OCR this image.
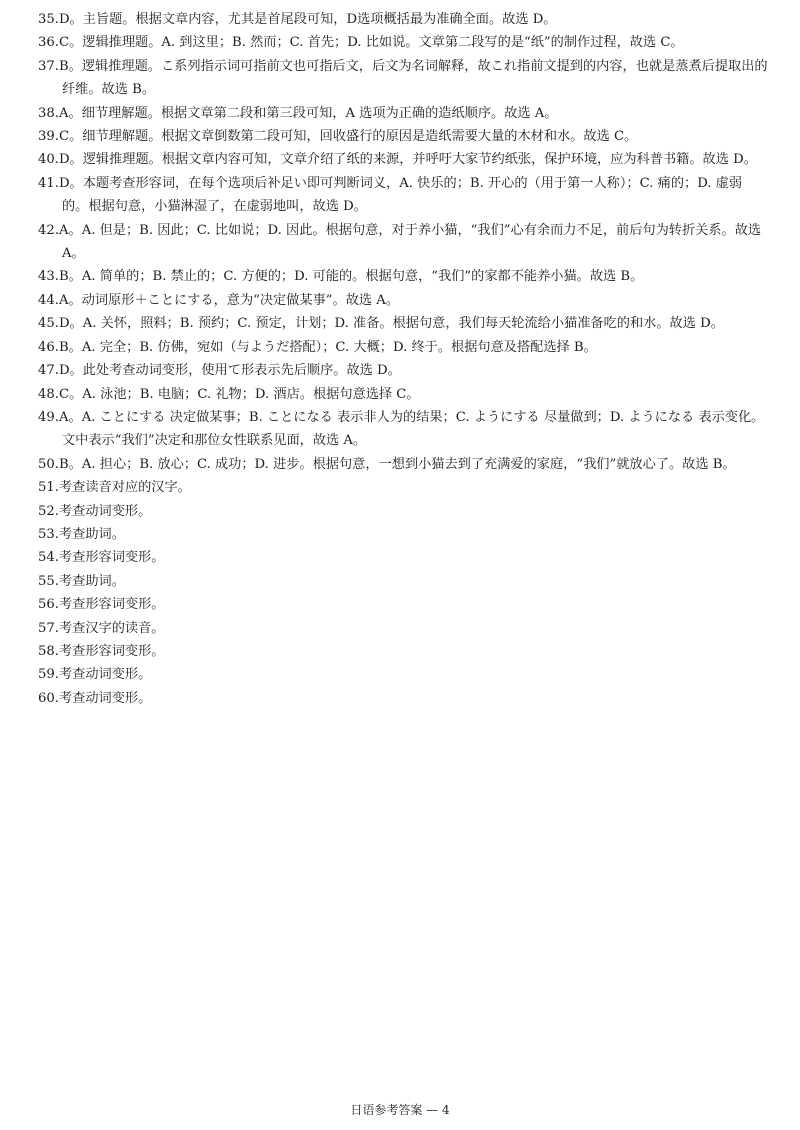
35.D。主旨题。根据文章内容，尤其是首尾段可知，D选项概括最为准确全面。故选 D。

36.C。逻辑推理题。A. 到这里；B. 然而；C. 首先；D. 比如说。文章第二段写的是“纸”的制作过程，故选 C。

37.B。逻辑推理题。こ系列指示词可指前文也可指后文，后文为名词解释，故これ指前文提到的内容，也就是蒸煮后提取出的纤维。故选 B。

38.A。细节理解题。根据文章第二段和第三段可知，A 选项为正确的造纸顺序。故选 A。

39.C。细节理解题。根据文章倒数第二段可知，回收盛行的原因是造纸需要大量的木材和水。故选 C。

40.D。逻辑推理题。根据文章内容可知，文章介绍了纸的来源，并呼吁大家节约纸张，保护环境，应为科普书籍。故选 D。

41.D。本题考查形容词，在每个选项后补足い即可判断词义，A. 快乐的；B. 开心的（用于第一人称）；C. 痛的；D. 虚弱的。根据句意，小猫淋湿了，在虚弱地叫，故选 D。

42.A。A. 但是；B. 因此；C. 比如说；D. 因此。根据句意，对于养小猫，“我们”心有余而力不足，前后句为转折关系。故选 A。

43.B。A. 简单的；B. 禁止的；C. 方便的；D. 可能的。根据句意，“我们”的家都不能养小猫。故选 B。

44.A。动词原形＋ことにする，意为“决定做某事”。故选 A。

45.D。A. 关怀，照料；B. 预约；C. 预定，计划；D. 准备。根据句意，我们每天轮流给小猫准备吃的和水。故选 D。

46.B。A. 完全；B. 仿佛，宛如（与ようだ搭配）；C. 大概；D. 终于。根据句意及搭配选择 B。

47.D。此处考查动词变形，使用て形表示先后顺序。故选 D。

48.C。A. 泳池；B. 电脑；C. 礼物；D. 酒店。根据句意选择 C。

49.A。A. ことにする 决定做某事；B. ことになる 表示非人为的结果；C. ようにする 尽量做到；D. ようになる 表示变化。文中表示“我们”决定和那位女性联系见面，故选 A。

50.B。A. 担心；B. 放心；C. 成功；D. 进步。根据句意，一想到小猫去到了充满爱的家庭，“我们”就放心了。故选 B。

51.考查读音对应的汉字。

52.考查动词变形。

53.考查助词。

54.考查形容词变形。

55.考查助词。

56.考查形容词变形。

57.考查汉字的读音。

58.考查形容词变形。

59.考查动词变形。

60.考查动词变形。

日语参考答案 — 4
